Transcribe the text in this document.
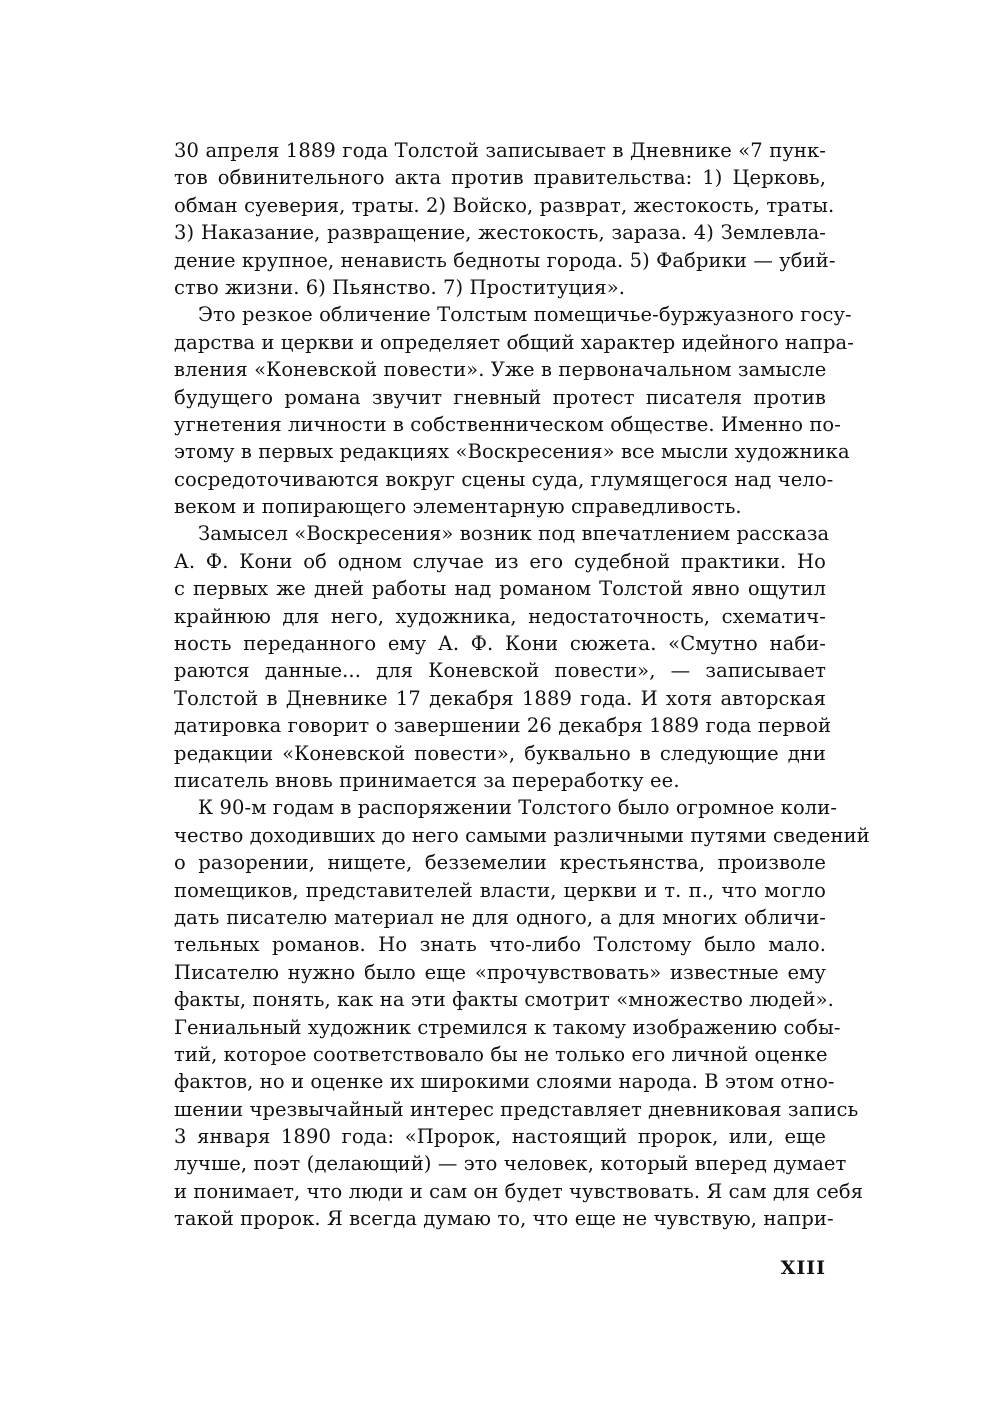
30 апреля 1889 года Толстой записывает в Дневнике «7 пунк-
тов обвинительного акта против правительства: 1) Церковь,
обман суеверия, траты. 2) Войско, разврат, жестокость, траты.
3) Наказание, развращение, жестокость, зараза. 4) Землевла-
дение крупное, ненависть бедноты города. 5) Фабрики — убий-
ство жизни. 6) Пьянство. 7) Проституция».
Это резкое обличение Толстым помещичье-буржуазного госу-
дарства и церкви и определяет общий характер идейного напра-
вления «Коневской повести». Уже в первоначальном замысле
будущего романа звучит гневный протест писателя против
угнетения личности в собственническом обществе. Именно по-
этому в первых редакциях «Воскресения» все мысли художника
сосредоточиваются вокруг сцены суда, глумящегося над чело-
веком и попирающего элементарную справедливость.
Замысел «Воскресения» возник под впечатлением рассказа
А. Ф. Кони об одном случае из его судебной практики. Но
с первых же дней работы над романом Толстой явно ощутил
крайнюю для него, художника, недостаточность, схематич-
ность переданного ему А. Ф. Кони сюжета. «Смутно наби-
раются данные... для Коневской повести», — записывает
Толстой в Дневнике 17 декабря 1889 года. И хотя авторская
датировка говорит о завершении 26 декабря 1889 года первой
редакции «Коневской повести», буквально в следующие дни
писатель вновь принимается за переработку ее.
К 90-м годам в распоряжении Толстого было огромное коли-
чество доходивших до него самыми различными путями сведений
о разорении, нищете, безземелии крестьянства, произволе
помещиков, представителей власти, церкви и т. п., что могло
дать писателю материал не для одного, а для многих обличи-
тельных романов. Но знать что-либо Толстому было мало.
Писателю нужно было еще «прочувствовать» известные ему
факты, понять, как на эти факты смотрит «множество людей».
Гениальный художник стремился к такому изображению собы-
тий, которое соответствовало бы не только его личной оценке
фактов, но и оценке их широкими слоями народа. В этом отно-
шении чрезвычайный интерес представляет дневниковая запись
3 января 1890 года: «Пророк, настоящий пророк, или, еще
лучше, поэт (делающий) — это человек, который вперед думает
и понимает, что люди и сам он будет чувствовать. Я сам для себя
такой пророк. Я всегда думаю то, что еще не чувствую, напри-
XIII
